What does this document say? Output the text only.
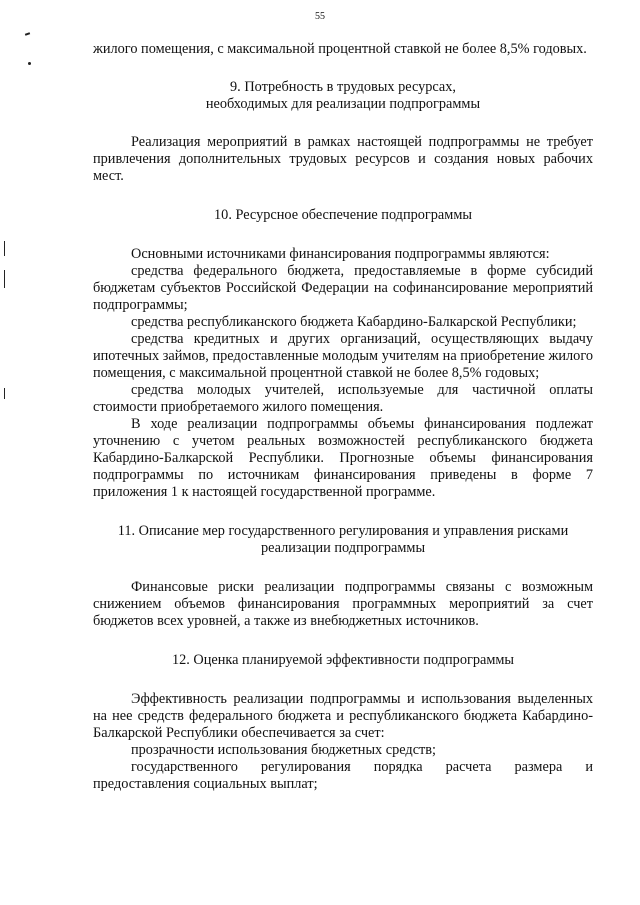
55

жилого помещения, с максимальной процентной ставкой не более 8,5% годовых.

9. Потребность в трудовых ресурсах,

необходимых для реализации подпрограммы

Реализация мероприятий в рамках настоящей подпрограммы не требует привлечения дополнительных трудовых ресурсов и создания новых рабочих мест.

10. Ресурсное обеспечение подпрограммы

Основными источниками финансирования подпрограммы являются:

средства федерального бюджета, предоставляемые в форме субсидий бюджетам субъектов Российской Федерации на софинансирование мероприятий подпрограммы;

средства республиканского бюджета Кабардино-Балкарской Республики;

средства кредитных и других организаций, осуществляющих выдачу ипотечных займов, предоставленные молодым учителям на приобретение жилого помещения, с максимальной процентной ставкой не более 8,5% годовых;

средства молодых учителей, используемые для частичной оплаты стоимости приобретаемого жилого помещения.

В ходе реализации подпрограммы объемы финансирования подлежат уточнению с учетом реальных возможностей республиканского бюджета Кабардино-Балкарской Республики. Прогнозные объемы финансирования подпрограммы по источникам финансирования приведены в форме 7 приложения 1 к настоящей государственной программе.

11. Описание мер государственного регулирования и управления рисками

реализации подпрограммы

Финансовые риски реализации подпрограммы связаны с возможным снижением объемов финансирования программных мероприятий за счет бюджетов всех уровней, а также из внебюджетных источников.

12. Оценка планируемой эффективности подпрограммы

Эффективность реализации подпрограммы и использования выделенных на нее средств федерального бюджета и республиканского бюджета Кабардино-Балкарской Республики обеспечивается за счет:

прозрачности использования бюджетных средств;

государственного регулирования порядка расчета размера и предоставления социальных выплат;
